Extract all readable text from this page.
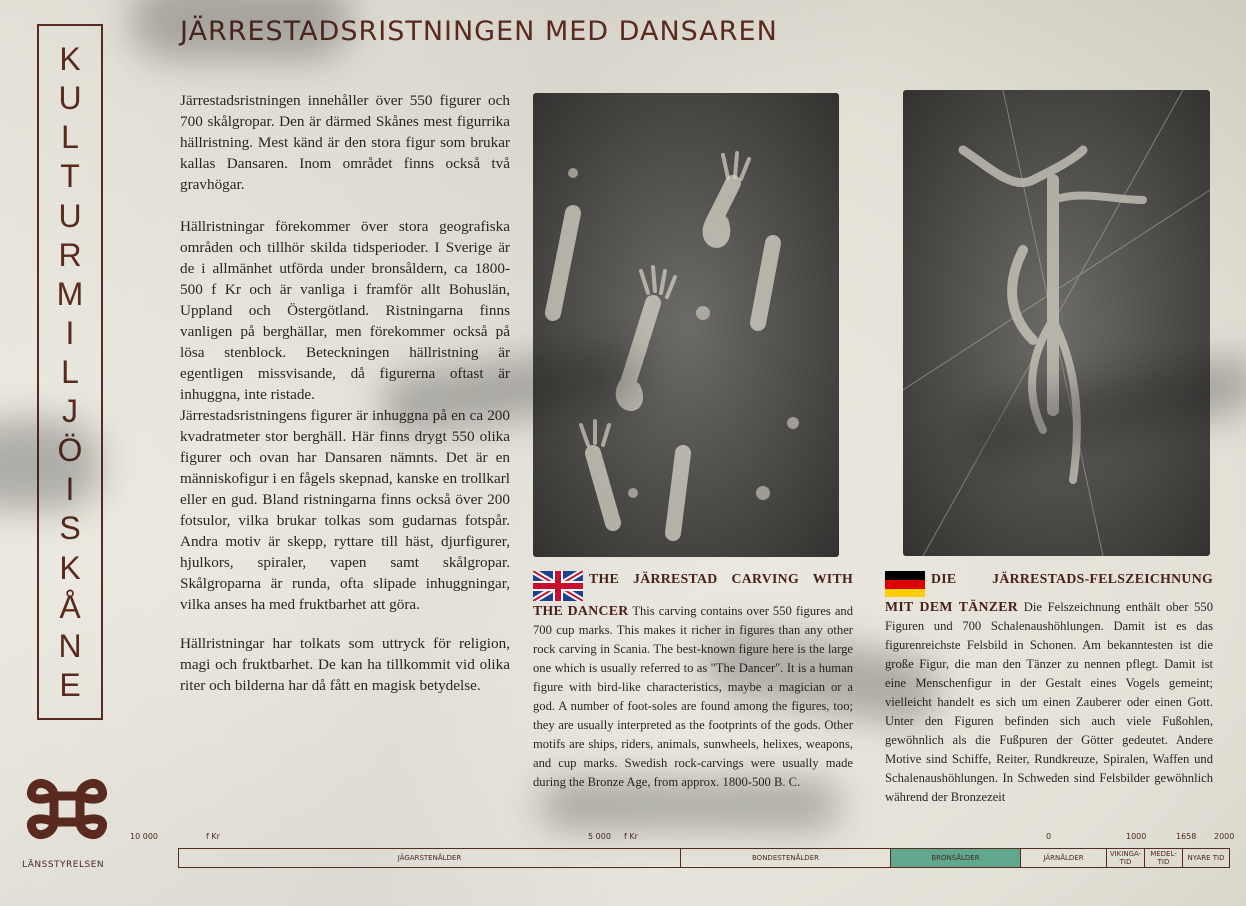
K
U
L
T
U
R
M
I
L
J
Ö
I
S
K
Å
N
E
LÄNSSTYRELSEN
JÄRRESTADSRISTNINGEN MED DANSAREN

Järrestadsristningen innehåller över 550 figurer och 700 skålgropar. Den är därmed Skånes mest figurrika hällristning. Mest känd är den stora figur som brukar kallas Dansaren. Inom området finns också två gravhögar.

Hällristningar förekommer över stora geografiska områden och tillhör skilda tidsperioder. I Sverige är de i allmänhet utförda under bronsåldern, ca 1800-500 f Kr och är vanliga i framför allt Bohuslän, Uppland och Östergötland. Ristningarna finns vanligen på berghällar, men förekommer också på lösa stenblock. Beteckningen hällristning är egentligen missvisande, då figurerna oftast är inhuggna, inte ristade.

Järrestadsristningens figurer är inhuggna på en ca 200 kvadratmeter stor berghäll. Här finns drygt 550 olika figurer och ovan har Dansaren nämnts. Det är en människofigur i en fågels skepnad, kanske en trollkarl eller en gud. Bland ristningarna finns också över 200 fotsulor, vilka brukar tolkas som gudarnas fotspår. Andra motiv är skepp, ryttare till häst, djurfigurer, hjulkors, spiraler, vapen samt skålgropar. Skålgroparna är runda, ofta slipade inhuggningar, vilka anses ha med fruktbarhet att göra.

Hällristningar har tolkats som uttryck för religion, magi och fruktbarhet. De kan ha tillkommit vid olika riter och bilderna har då fått en magisk betydelse.

THE JÄRRESTAD CARVING WITH THE DANCER This carving contains over 550 figures and 700 cup marks. This makes it richer in figures than any other rock carving in Scania. The best-known figure here is the large one which is usually referred to as "The Dancer". It is a human figure with bird-like characteristics, maybe a magician or a god. A number of foot-soles are found among the figures, too; they are usually interpreted as the footprints of the gods. Other motifs are ships, riders, animals, sunwheels, helixes, weapons, and cup marks. Swedish rock-carvings were usually made during the Bronze Age, from approx. 1800-500 B. C.
DIE JÄRRESTADS-FELSZEICHNUNG MIT DEM TÄNZER Die Felszeichnung enthält ober 550 Figuren und 700 Schalenaushöhlungen. Damit ist es das figurenreichste Felsbild in Schonen. Am bekanntesten ist die große Figur, die man den Tänzer zu nennen pflegt. Damit ist eine Menschenfigur in der Gestalt eines Vogels gemeint; vielleicht handelt es sich um einen Zauberer oder einen Gott. Unter den Figuren befinden sich auch viele Fußohlen, gewöhnlich als die Fußpuren der Götter gedeutet. Andere Motive sind Schiffe, Reiter, Rundkreuze, Spiralen, Waffen und Schalenaushöhlungen. In Schweden sind Felsbilder gewöhnlich während der Bronzezeit
10 000	f Kr	5 000 f Kr	0	1000	1658 2000
JÄGARSTENÅLDER	BONDESTENÅLDER	BRONSÅLDER	JÄRNÅLDER	VIKINGA-TID
MEDEL-TID	NYARE TID
